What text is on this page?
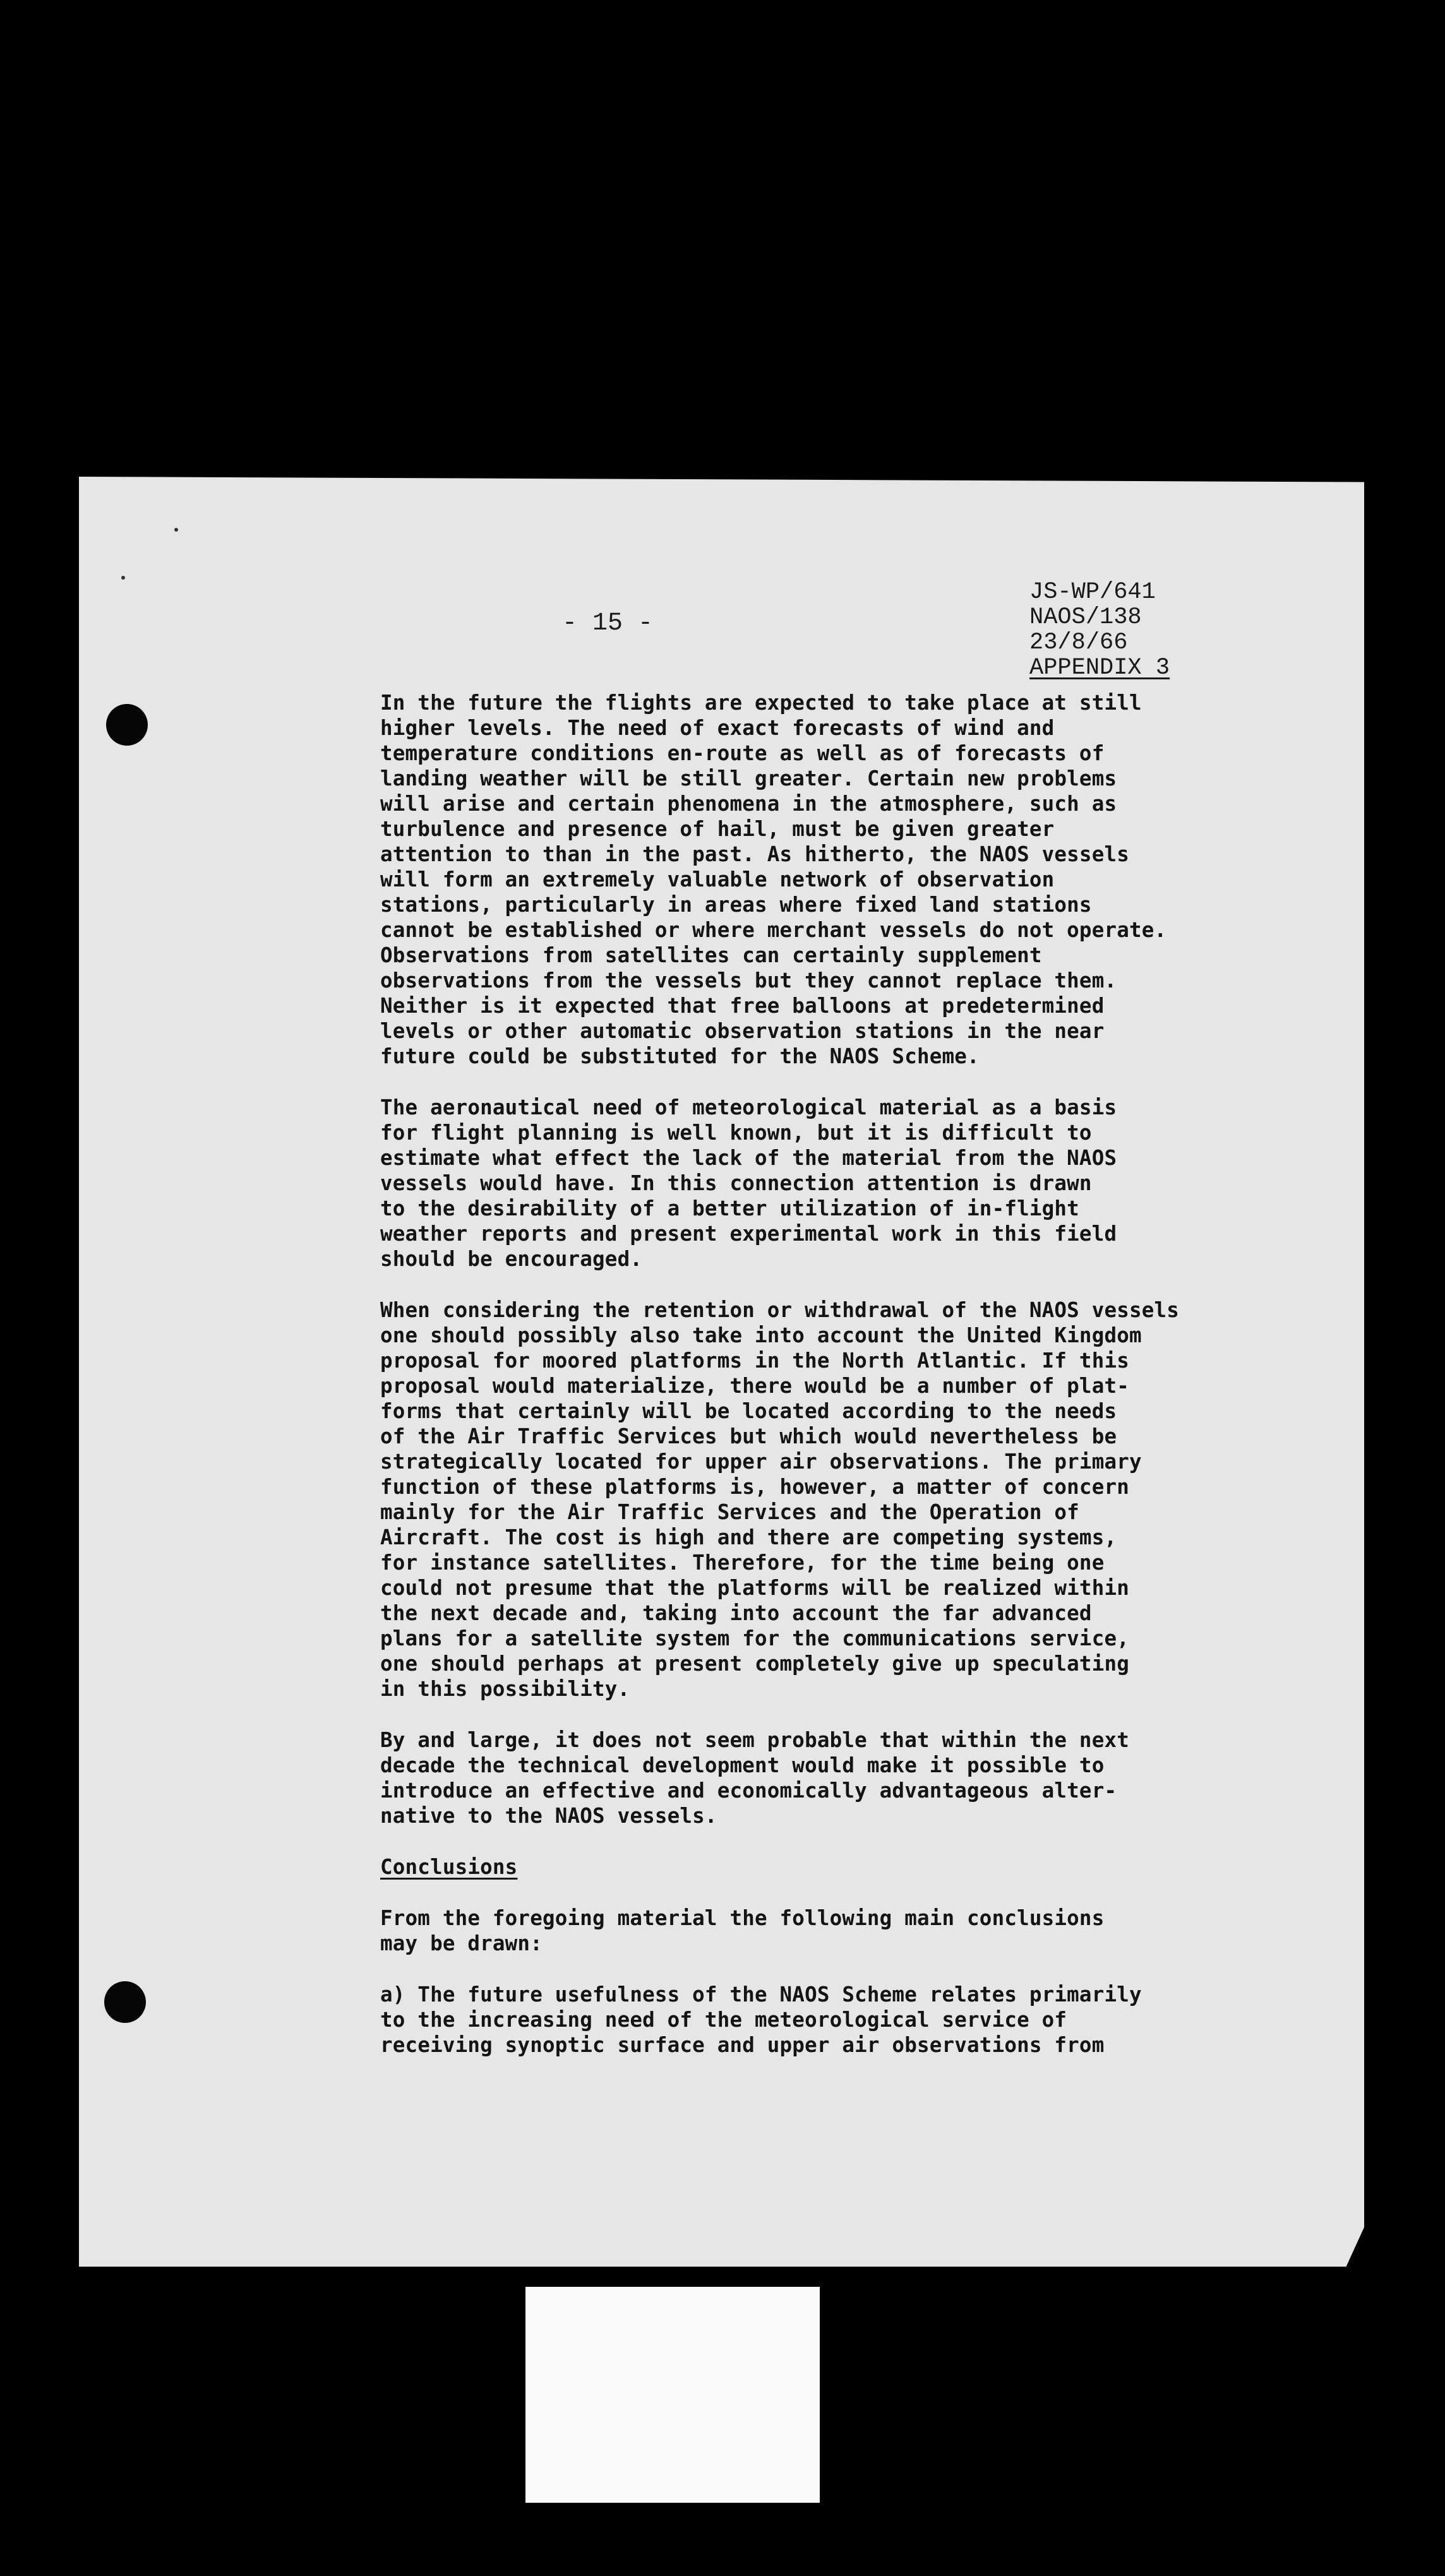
- 15 -
JS-WP/641
NAOS/138
23/8/66
APPENDIX 3

In the future the flights are expected to take place at still
higher levels. The need of exact forecasts of wind and
temperature conditions en-route as well as of forecasts of
landing weather will be still greater. Certain new problems
will arise and certain phenomena in the atmosphere, such as
turbulence and presence of hail, must be given greater
attention to than in the past. As hitherto, the NAOS vessels
will form an extremely valuable network of observation
stations, particularly in areas where fixed land stations
cannot be established or where merchant vessels do not operate.
Observations from satellites can certainly supplement
observations from the vessels but they cannot replace them.
Neither is it expected that free balloons at predetermined
levels or other automatic observation stations in the near
future could be substituted for the NAOS Scheme.

The aeronautical need of meteorological material as a basis
for flight planning is well known, but it is difficult to
estimate what effect the lack of the material from the NAOS
vessels would have. In this connection attention is drawn
to the desirability of a better utilization of in-flight
weather reports and present experimental work in this field
should be encouraged.

When considering the retention or withdrawal of the NAOS vessels
one should possibly also take into account the United Kingdom
proposal for moored platforms in the North Atlantic. If this
proposal would materialize, there would be a number of plat-
forms that certainly will be located according to the needs
of the Air Traffic Services but which would nevertheless be
strategically located for upper air observations. The primary
function of these platforms is, however, a matter of concern
mainly for the Air Traffic Services and the Operation of
Aircraft. The cost is high and there are competing systems,
for instance satellites. Therefore, for the time being one
could not presume that the platforms will be realized within
the next decade and, taking into account the far advanced
plans for a satellite system for the communications service,
one should perhaps at present completely give up speculating
in this possibility.

By and large, it does not seem probable that within the next
decade the technical development would make it possible to
introduce an effective and economically advantageous alter-
native to the NAOS vessels.

Conclusions

From the foregoing material the following main conclusions
may be drawn:

a) The future usefulness of the NAOS Scheme relates primarily
to the increasing need of the meteorological service of
receiving synoptic surface and upper air observations from
